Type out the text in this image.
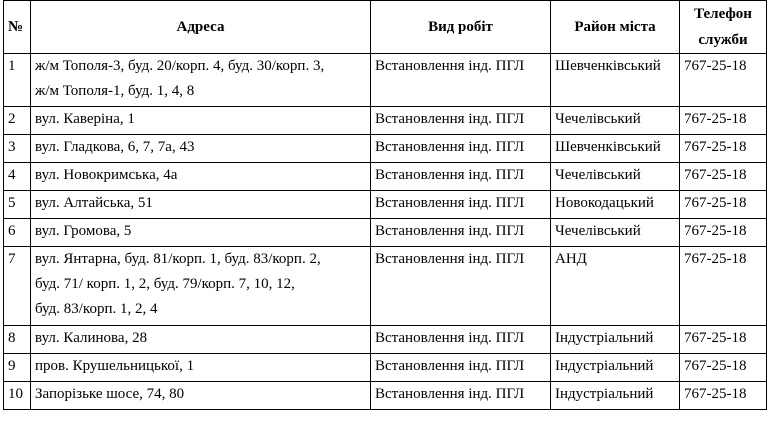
№	Адреса	Вид робіт	Район міста	Телефон
служби
1	ж/м Тополя-3, буд. 20/корп. 4, буд. 30/корп. 3,
ж/м Тополя-1, буд. 1, 4, 8	Встановлення інд. ПГЛ	Шевченківський	767-25-18
2	вул. Каверіна, 1	Встановлення інд. ПГЛ	Чечелівський	767-25-18
3	вул. Гладкова, 6, 7, 7а, 43	Встановлення інд. ПГЛ	Шевченківський	767-25-18
4	вул. Новокримська, 4а	Встановлення інд. ПГЛ	Чечелівський	767-25-18
5	вул. Алтайська, 51	Встановлення інд. ПГЛ	Новокодацький	767-25-18
6	вул. Громова, 5	Встановлення інд. ПГЛ	Чечелівський	767-25-18
7	вул. Янтарна, буд. 81/корп. 1, буд. 83/корп. 2,
буд. 71/ корп. 1, 2, буд. 79/корп. 7, 10, 12,
буд. 83/корп. 1, 2, 4	Встановлення інд. ПГЛ	АНД	767-25-18
8	вул. Калинова, 28	Встановлення інд. ПГЛ	Індустріальний	767-25-18
9	пров. Крушельницької, 1	Встановлення інд. ПГЛ	Індустріальний	767-25-18
10	Запорізьке шосе, 74, 80	Встановлення інд. ПГЛ	Індустріальний	767-25-18
